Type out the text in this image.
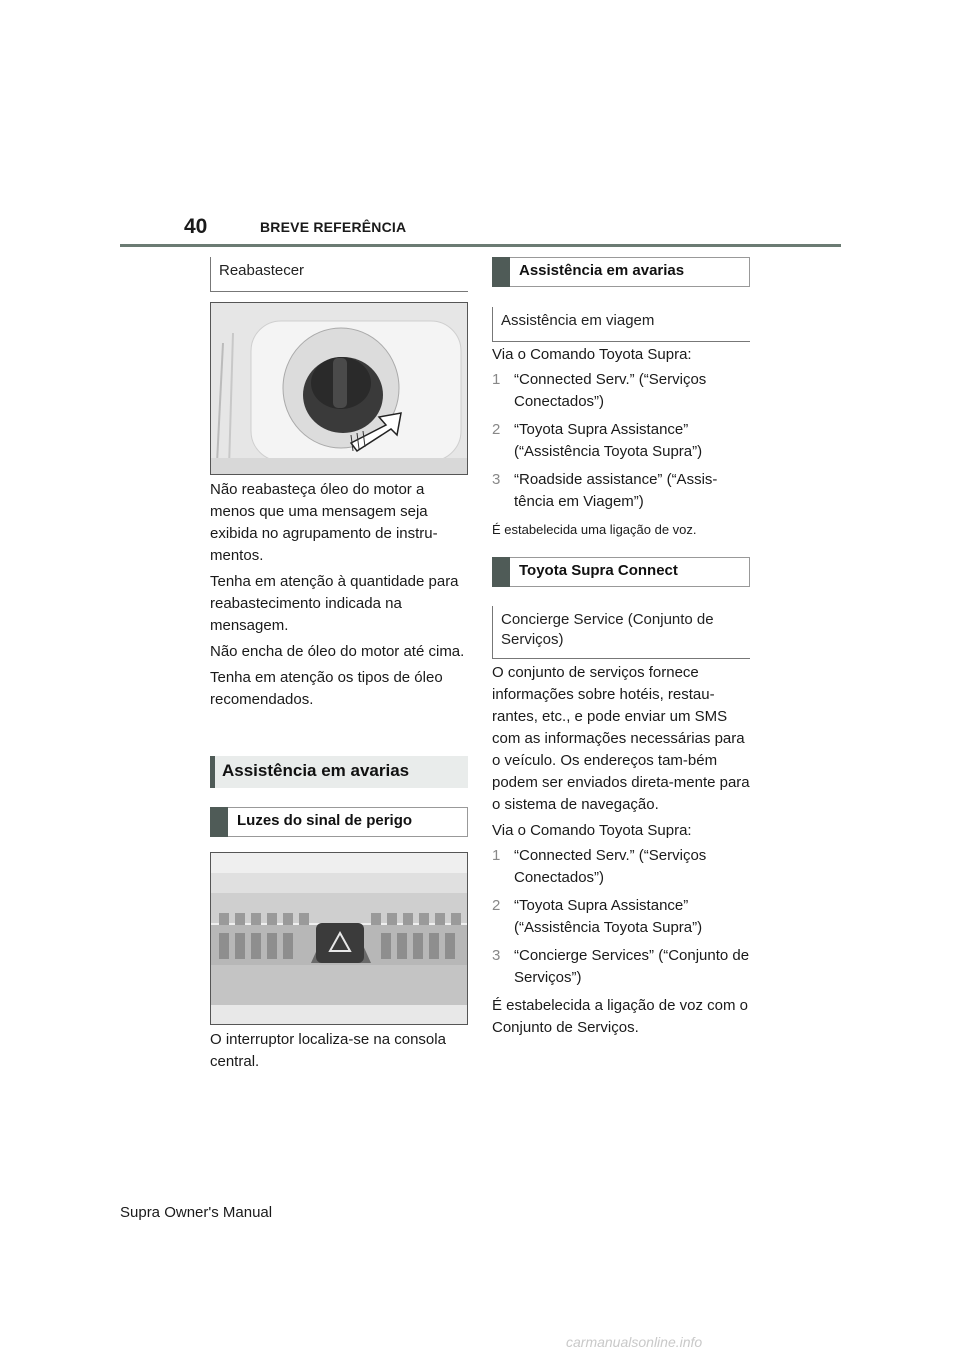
40	BREVE REFERÊNCIA
Reabastecer

Não reabasteça óleo do motor a menos que uma mensagem seja exibida no agrupamento de instru-mentos.

Tenha em atenção à quantidade para reabastecimento indicada na mensagem.

Não encha de óleo do motor até cima.

Tenha em atenção os tipos de óleo recomendados.

Assistência em avarias
Luzes do sinal de perigo

O interruptor localiza-se na consola central.

Assistência em avarias
Assistência em viagem

Via o Comando Toyota Supra:

1 “Connected Serv.” (“Serviços Conectados”)
2 “Toyota Supra Assistance” (“Assistência Toyota Supra”)
3 “Roadside assistance” (“Assis-tência em Viagem”)

É estabelecida uma ligação de voz.

Toyota Supra Connect
Concierge Service (Conjunto de Serviços)

O conjunto de serviços fornece informações sobre hotéis, restau-rantes, etc., e pode enviar um SMS com as informações necessárias para o veículo. Os endereços tam-bém podem ser enviados direta-mente para o sistema de navegação.

Via o Comando Toyota Supra:

1 “Connected Serv.” (“Serviços Conectados”)
2 “Toyota Supra Assistance” (“Assistência Toyota Supra”)
3 “Concierge Services” (“Conjunto de Serviços”)

É estabelecida a ligação de voz com o Conjunto de Serviços.

Supra Owner's Manual
carmanualsonline.info
